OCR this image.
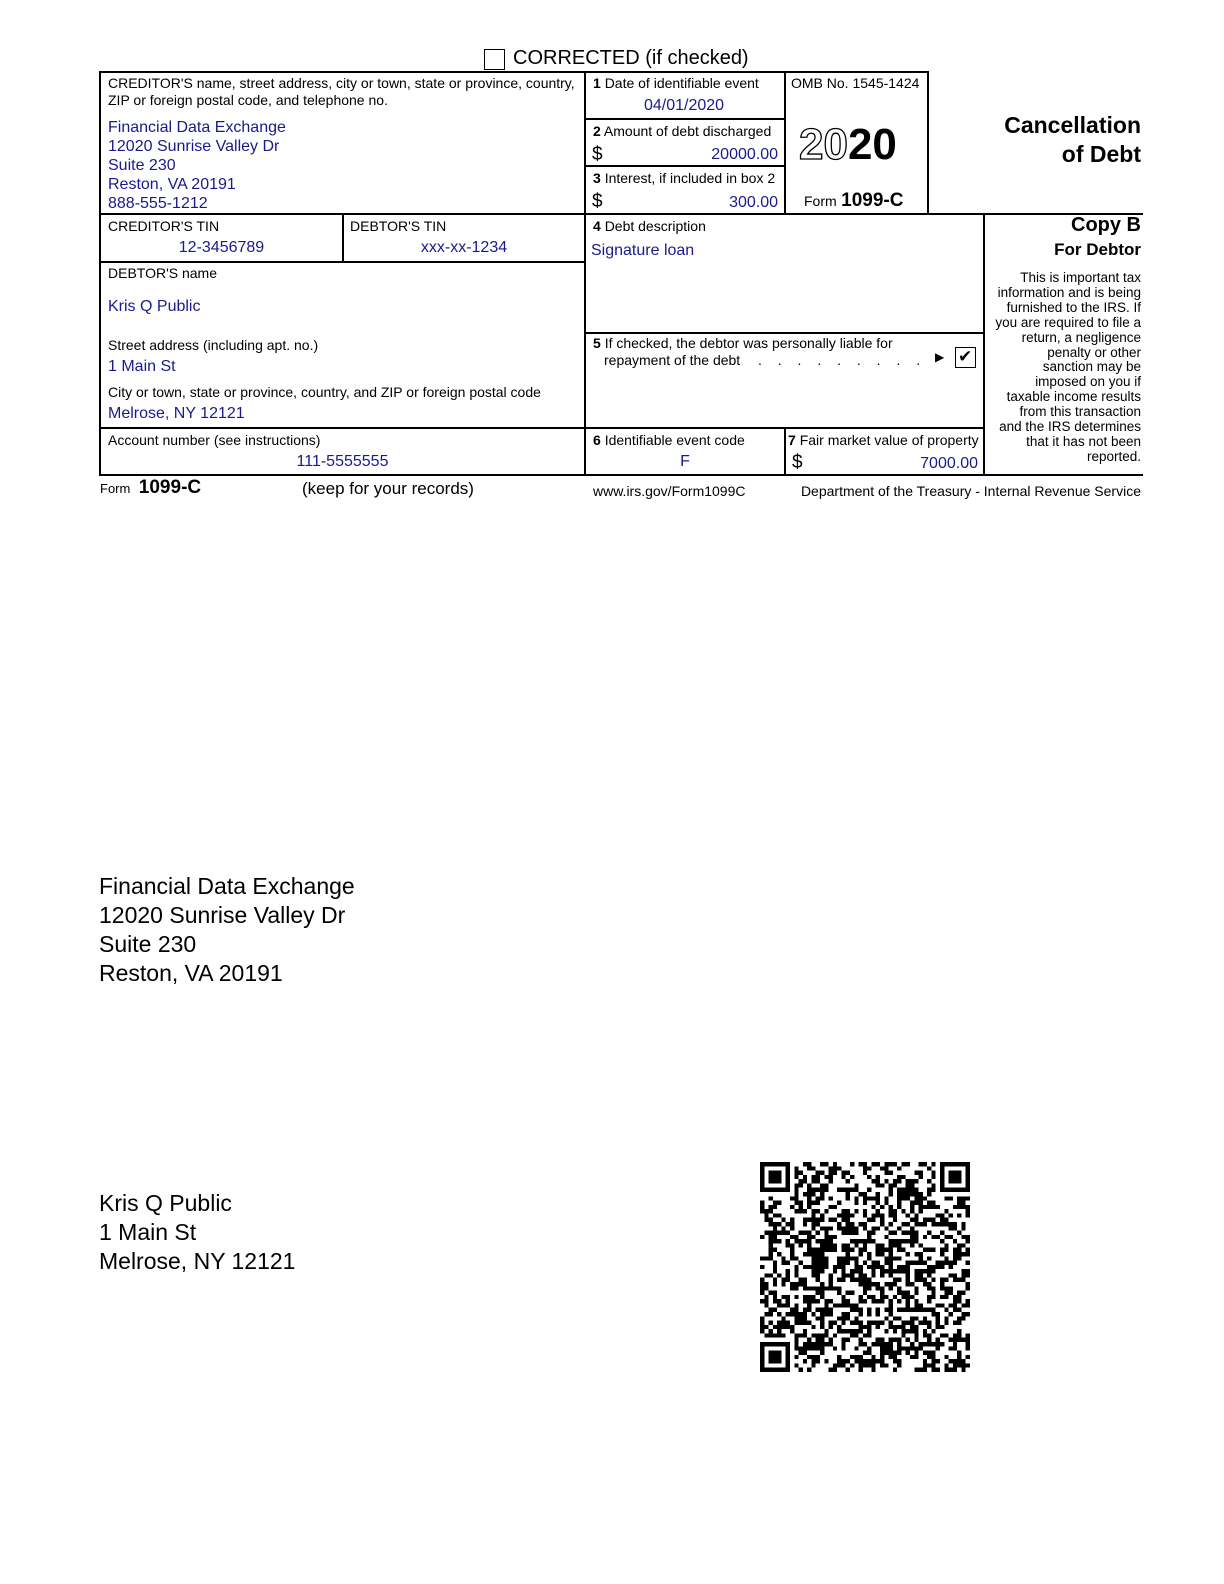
CORRECTED (if checked)
CREDITOR'S name, street address, city or town, state or province, country,
ZIP or foreign postal code, and telephone no.
Financial Data Exchange
12020 Sunrise Valley Dr
Suite 230
Reston, VA 20191
888-555-1212
1 Date of identifiable event
04/01/2020
2 Amount of debt discharged
$	20000.00
3 Interest, if included in box 2
$	300.00
OMB No. 1545-1424
2020
Form 1099-C
Cancellation
of Debt
CREDITOR'S TIN
12-3456789
DEBTOR'S TIN
xxx-xx-1234
4 Debt description
Signature loan
DEBTOR'S name
Kris Q Public
Street address (including apt. no.)
1 Main St
City or town, state or province, country, and ZIP or foreign postal code
Melrose, NY 12121
5 If checked, the debtor was personally liable for
repayment of the debt . . . . . . . . . ▶ ✔
Copy B
For Debtor
This is important tax
information and is being
furnished to the IRS. If
you are required to file a
return, a negligence
penalty or other
sanction may be
imposed on you if
taxable income results
from this transaction
and the IRS determines
that it has not been
reported.
Account number (see instructions)
111-5555555
6 Identifiable event code
F
7 Fair market value of property
$	7000.00
Form 1099-C	(keep for your records)	www.irs.gov/Form1099C	Department of the Treasury - Internal Revenue Service
Financial Data Exchange
12020 Sunrise Valley Dr
Suite 230
Reston, VA 20191
Kris Q Public
1 Main St
Melrose, NY 12121
